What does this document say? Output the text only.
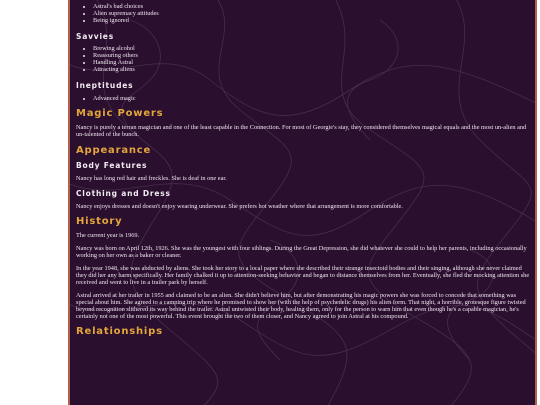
• Astral's bad choices
• Alien supremacy attitudes
• Being ignored
Savvies
• Brewing alcohol
• Reassuring others
• Handling Astral
• Attracting aliens
Ineptitudes
• Advanced magic
Magic Powers

Nancy is purely a terran magician and one of the least capable in the Connection. For most of Georgie's stay, they considered themselves magical equals and the most un-alien and un-talented of the bunch.

Appearance
Body Features

Nancy has long red hair and freckles. She is deaf in one ear.

Clothing and Dress

Nancy enjoys dresses and doesn't enjoy wearing underwear. She prefers hot weather where that arrangement is more comfortable.

History

The current year is 1969.

Nancy was born on April 12th, 1926. She was the youngest with four siblings. During the Great Depression, she did whatever she could to help her parents, including occasionally working on her own as a baker or cleaner.

In the year 1948, she was abducted by aliens. She took her story to a local paper where she described their strange insectoid bodies and their singing, although she never claimed they did her any harm specifically. Her family chalked it up to attention-seeking behavior and began to distance themselves from her. Eventually, she fled the mocking attention she received and went to live in a trailer park by herself.

Astral arrived at her trailer in 1955 and claimed to be an alien. She didn't believe him, but after demonstrating his magic powers she was forced to concede that something was special about him. She agreed to a camping trip where he promised to show her (with the help of psychedelic drugs) his alien form. That night, a horrible, grotesque figure twisted beyond recognition slithered its way behind the trailer. Astral untwisted their body, healing them, only for the person to warn him that even though he's a capable magician, he's certainly not one of the most powerful. This event brought the two of them closer, and Nancy agreed to join Astral at his compound.

Relationships
